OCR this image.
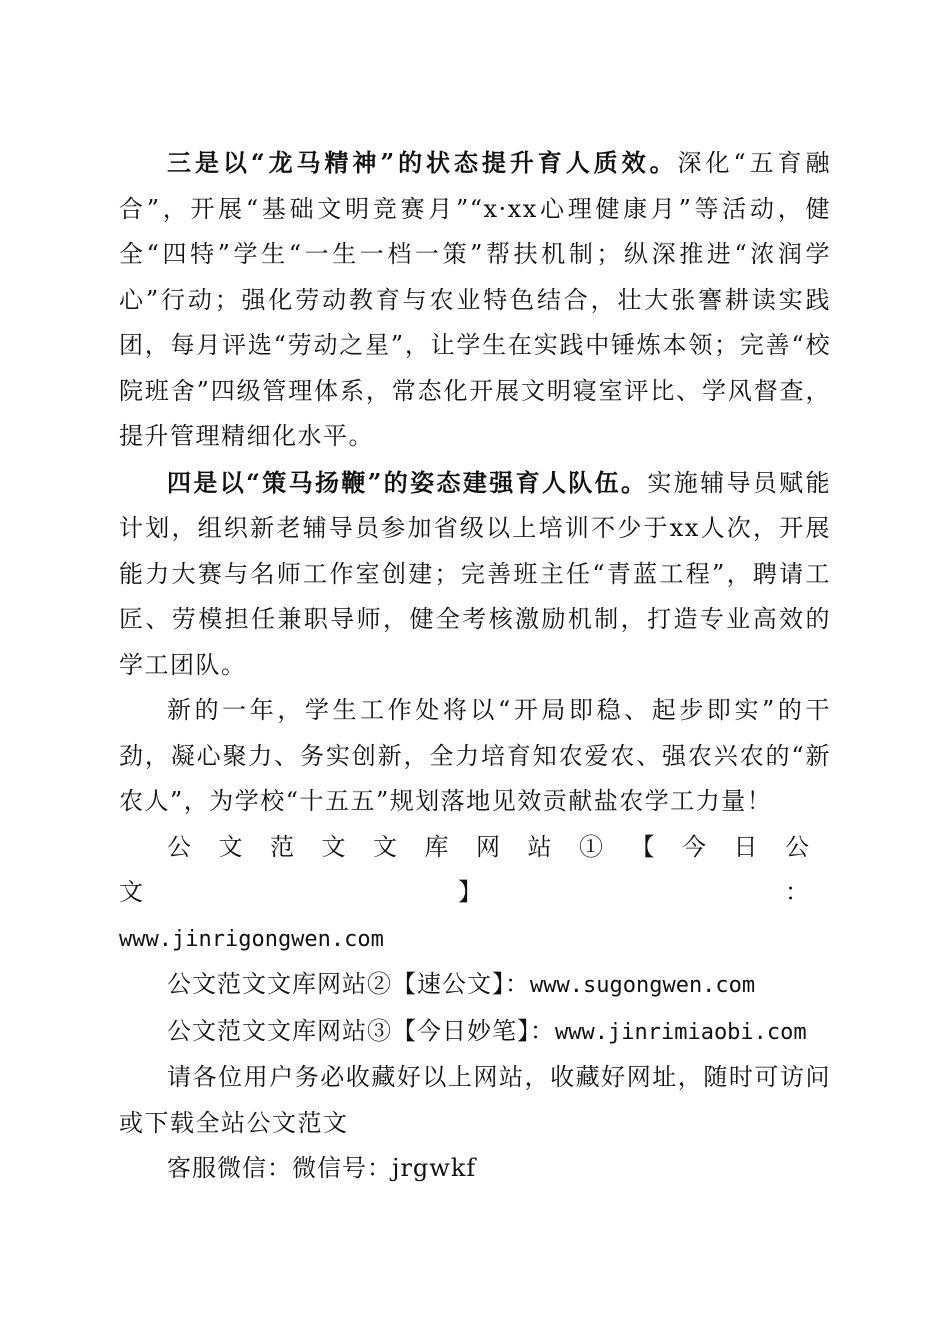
三是以“龙马精神”的状态提升育人质效。深化“五育融合”，开展“基础文明竞赛月”“x·xx心理健康月”等活动，健全“四特”学生“一生一档一策”帮扶机制；纵深推进“浓润学心”行动；强化劳动教育与农业特色结合，壮大张謇耕读实践团，每月评选“劳动之星”，让学生在实践中锤炼本领；完善“校院班舍”四级管理体系，常态化开展文明寝室评比、学风督查，提升管理精细化水平。

四是以“策马扬鞭”的姿态建强育人队伍。实施辅导员赋能计划，组织新老辅导员参加省级以上培训不少于xx人次，开展能力大赛与名师工作室创建；完善班主任“青蓝工程”，聘请工匠、劳模担任兼职导师，健全考核激励机制，打造专业高效的学工团队。

新的一年，学生工作处将以“开局即稳、起步即实”的干劲，凝心聚力、务实创新，全力培育知农爱农、强农兴农的“新农人”，为学校“十五五”规划落地见效贡献盐农学工力量！

公文范文文库网站①【今日公文】：

www.jinrigongwen.com

公文范文文库网站②【速公文】：www.sugongwen.com

公文范文文库网站③【今日妙笔】：www.jinrimiaobi.com

请各位用户务必收藏好以上网站，收藏好网址，随时可访问或下载全站公文范文

客服微信：微信号：jrgwkf
